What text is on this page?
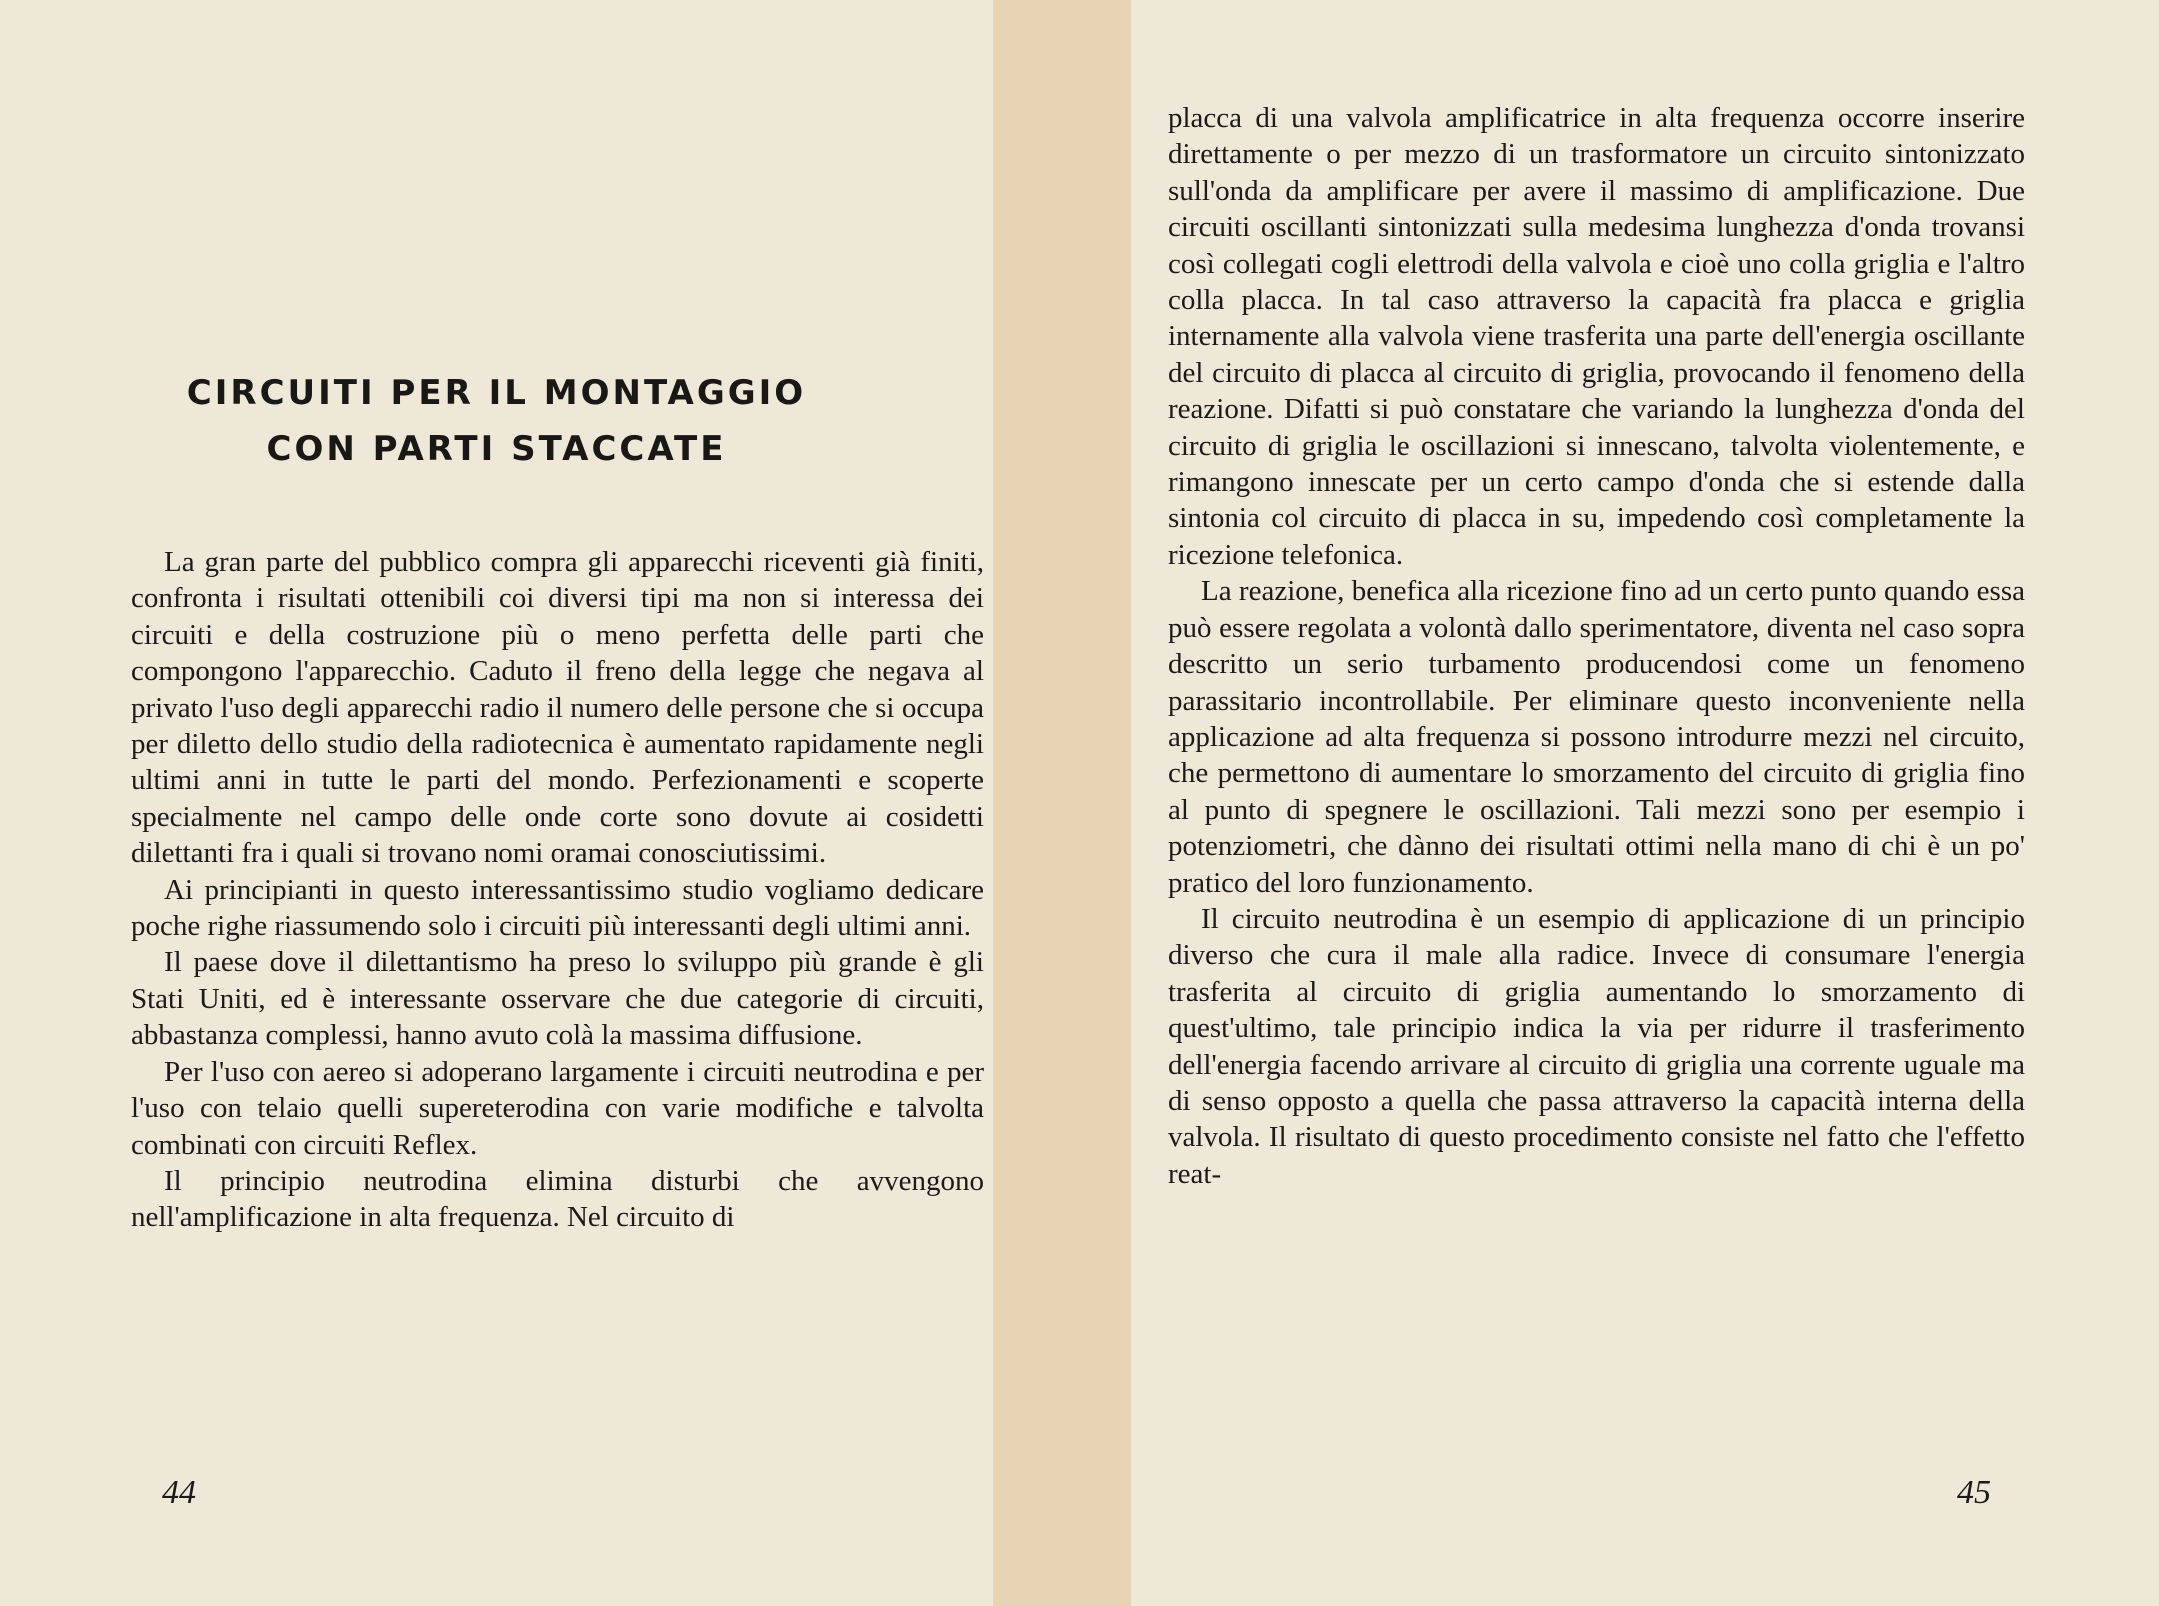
CIRCUITI PER IL MONTAGGIO
CON PARTI STACCATE

La gran parte del pubblico compra gli apparecchi riceventi già finiti, confronta i risultati ottenibili coi diversi tipi ma non si interessa dei circuiti e della costruzione più o meno perfetta delle parti che compongono l'apparecchio. Caduto il freno della legge che negava al privato l'uso degli apparecchi radio il numero delle persone che si occupa per diletto dello studio della radiotecnica è aumentato rapidamente negli ultimi anni in tutte le parti del mondo. Perfezionamenti e scoperte specialmente nel campo delle onde corte sono dovute ai cosidetti dilettanti fra i quali si trovano nomi oramai conosciutissimi.

Ai principianti in questo interessantissimo studio vogliamo dedicare poche righe riassumendo solo i circuiti più interessanti degli ultimi anni.

Il paese dove il dilettantismo ha preso lo sviluppo più grande è gli Stati Uniti, ed è interessante osservare che due categorie di circuiti, abbastanza complessi, hanno avuto colà la massima diffusione.

Per l'uso con aereo si adoperano largamente i circuiti neutrodina e per l'uso con telaio quelli supereterodina con varie modifiche e talvolta combinati con circuiti Reflex.

Il principio neutrodina elimina disturbi che avvengono nell'amplificazione in alta frequenza. Nel circuito di

44

placca di una valvola amplificatrice in alta frequenza occorre inserire direttamente o per mezzo di un trasformatore un circuito sintonizzato sull'onda da amplificare per avere il massimo di amplificazione. Due circuiti oscillanti sintonizzati sulla medesima lunghezza d'onda trovansi così collegati cogli elettrodi della valvola e cioè uno colla griglia e l'altro colla placca. In tal caso attraverso la capacità fra placca e griglia internamente alla valvola viene trasferita una parte dell'energia oscillante del circuito di placca al circuito di griglia, provocando il fenomeno della reazione. Difatti si può constatare che variando la lunghezza d'onda del circuito di griglia le oscillazioni si innescano, talvolta violentemente, e rimangono innescate per un certo campo d'onda che si estende dalla sintonia col circuito di placca in su, impedendo così completamente la ricezione telefonica.

La reazione, benefica alla ricezione fino ad un certo punto quando essa può essere regolata a volontà dallo sperimentatore, diventa nel caso sopra descritto un serio turbamento producendosi come un fenomeno parassitario incontrollabile. Per eliminare questo inconveniente nella applicazione ad alta frequenza si possono introdurre mezzi nel circuito, che permettono di aumentare lo smorzamento del circuito di griglia fino al punto di spegnere le oscillazioni. Tali mezzi sono per esempio i potenziometri, che dànno dei risultati ottimi nella mano di chi è un po' pratico del loro funzionamento.

Il circuito neutrodina è un esempio di applicazione di un principio diverso che cura il male alla radice. Invece di consumare l'energia trasferita al circuito di griglia aumentando lo smorzamento di quest'ultimo, tale principio indica la via per ridurre il trasferimento dell'energia facendo arrivare al circuito di griglia una corrente uguale ma di senso opposto a quella che passa attraverso la capacità interna della valvola. Il risultato di questo procedimento consiste nel fatto che l'effetto reat-

45
